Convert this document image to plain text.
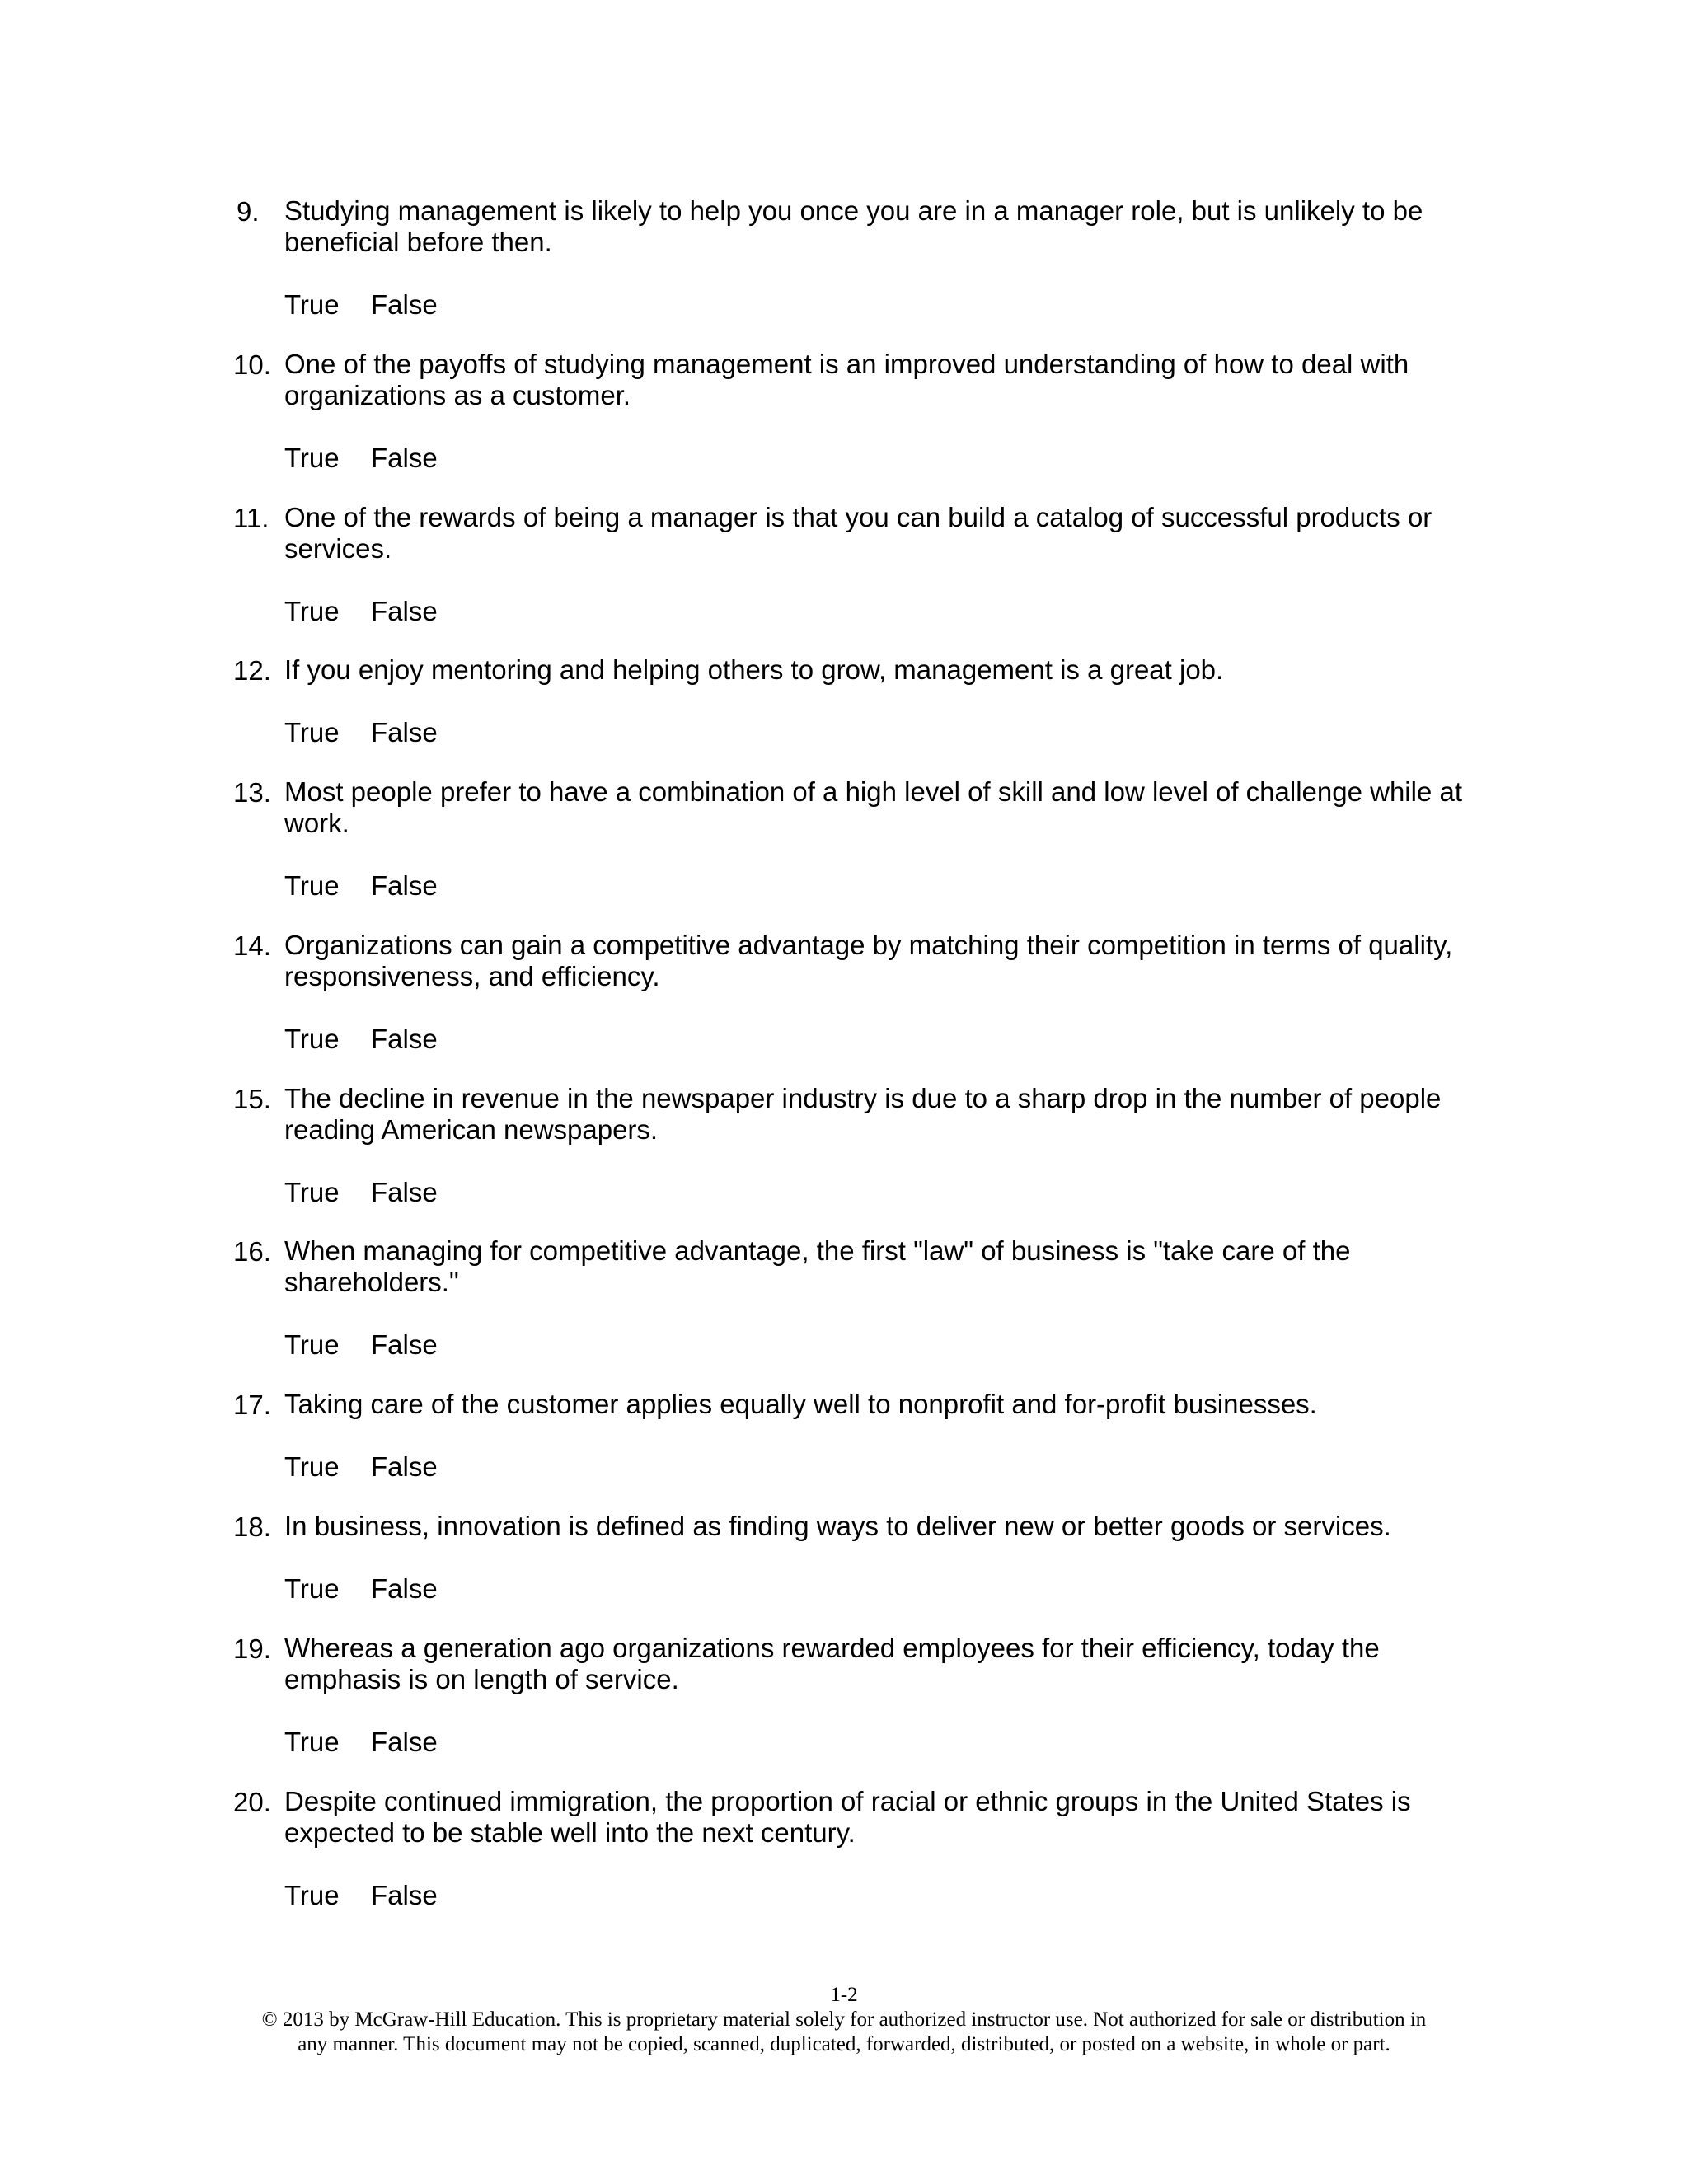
9. Studying management is likely to help you once you are in a manager role, but is unlikely to be
beneficial before then.
True False
10. One of the payoffs of studying management is an improved understanding of how to deal with
organizations as a customer.
True False
11. One of the rewards of being a manager is that you can build a catalog of successful products or
services.
True False
12. If you enjoy mentoring and helping others to grow, management is a great job.
True False
13. Most people prefer to have a combination of a high level of skill and low level of challenge while at
work.
True False
14. Organizations can gain a competitive advantage by matching their competition in terms of quality,
responsiveness, and efficiency.
True False
15. The decline in revenue in the newspaper industry is due to a sharp drop in the number of people
reading American newspapers.
True False
16. When managing for competitive advantage, the first "law" of business is "take care of the
shareholders."
True False
17. Taking care of the customer applies equally well to nonprofit and for-profit businesses.
True False
18. In business, innovation is defined as finding ways to deliver new or better goods or services.
True False
19. Whereas a generation ago organizations rewarded employees for their efficiency, today the
emphasis is on length of service.
True False
20. Despite continued immigration, the proportion of racial or ethnic groups in the United States is
expected to be stable well into the next century.
True False
1-2
© 2013 by McGraw-Hill Education. This is proprietary material solely for authorized instructor use. Not authorized for sale or distribution in
any manner. This document may not be copied, scanned, duplicated, forwarded, distributed, or posted on a website, in whole or part.
